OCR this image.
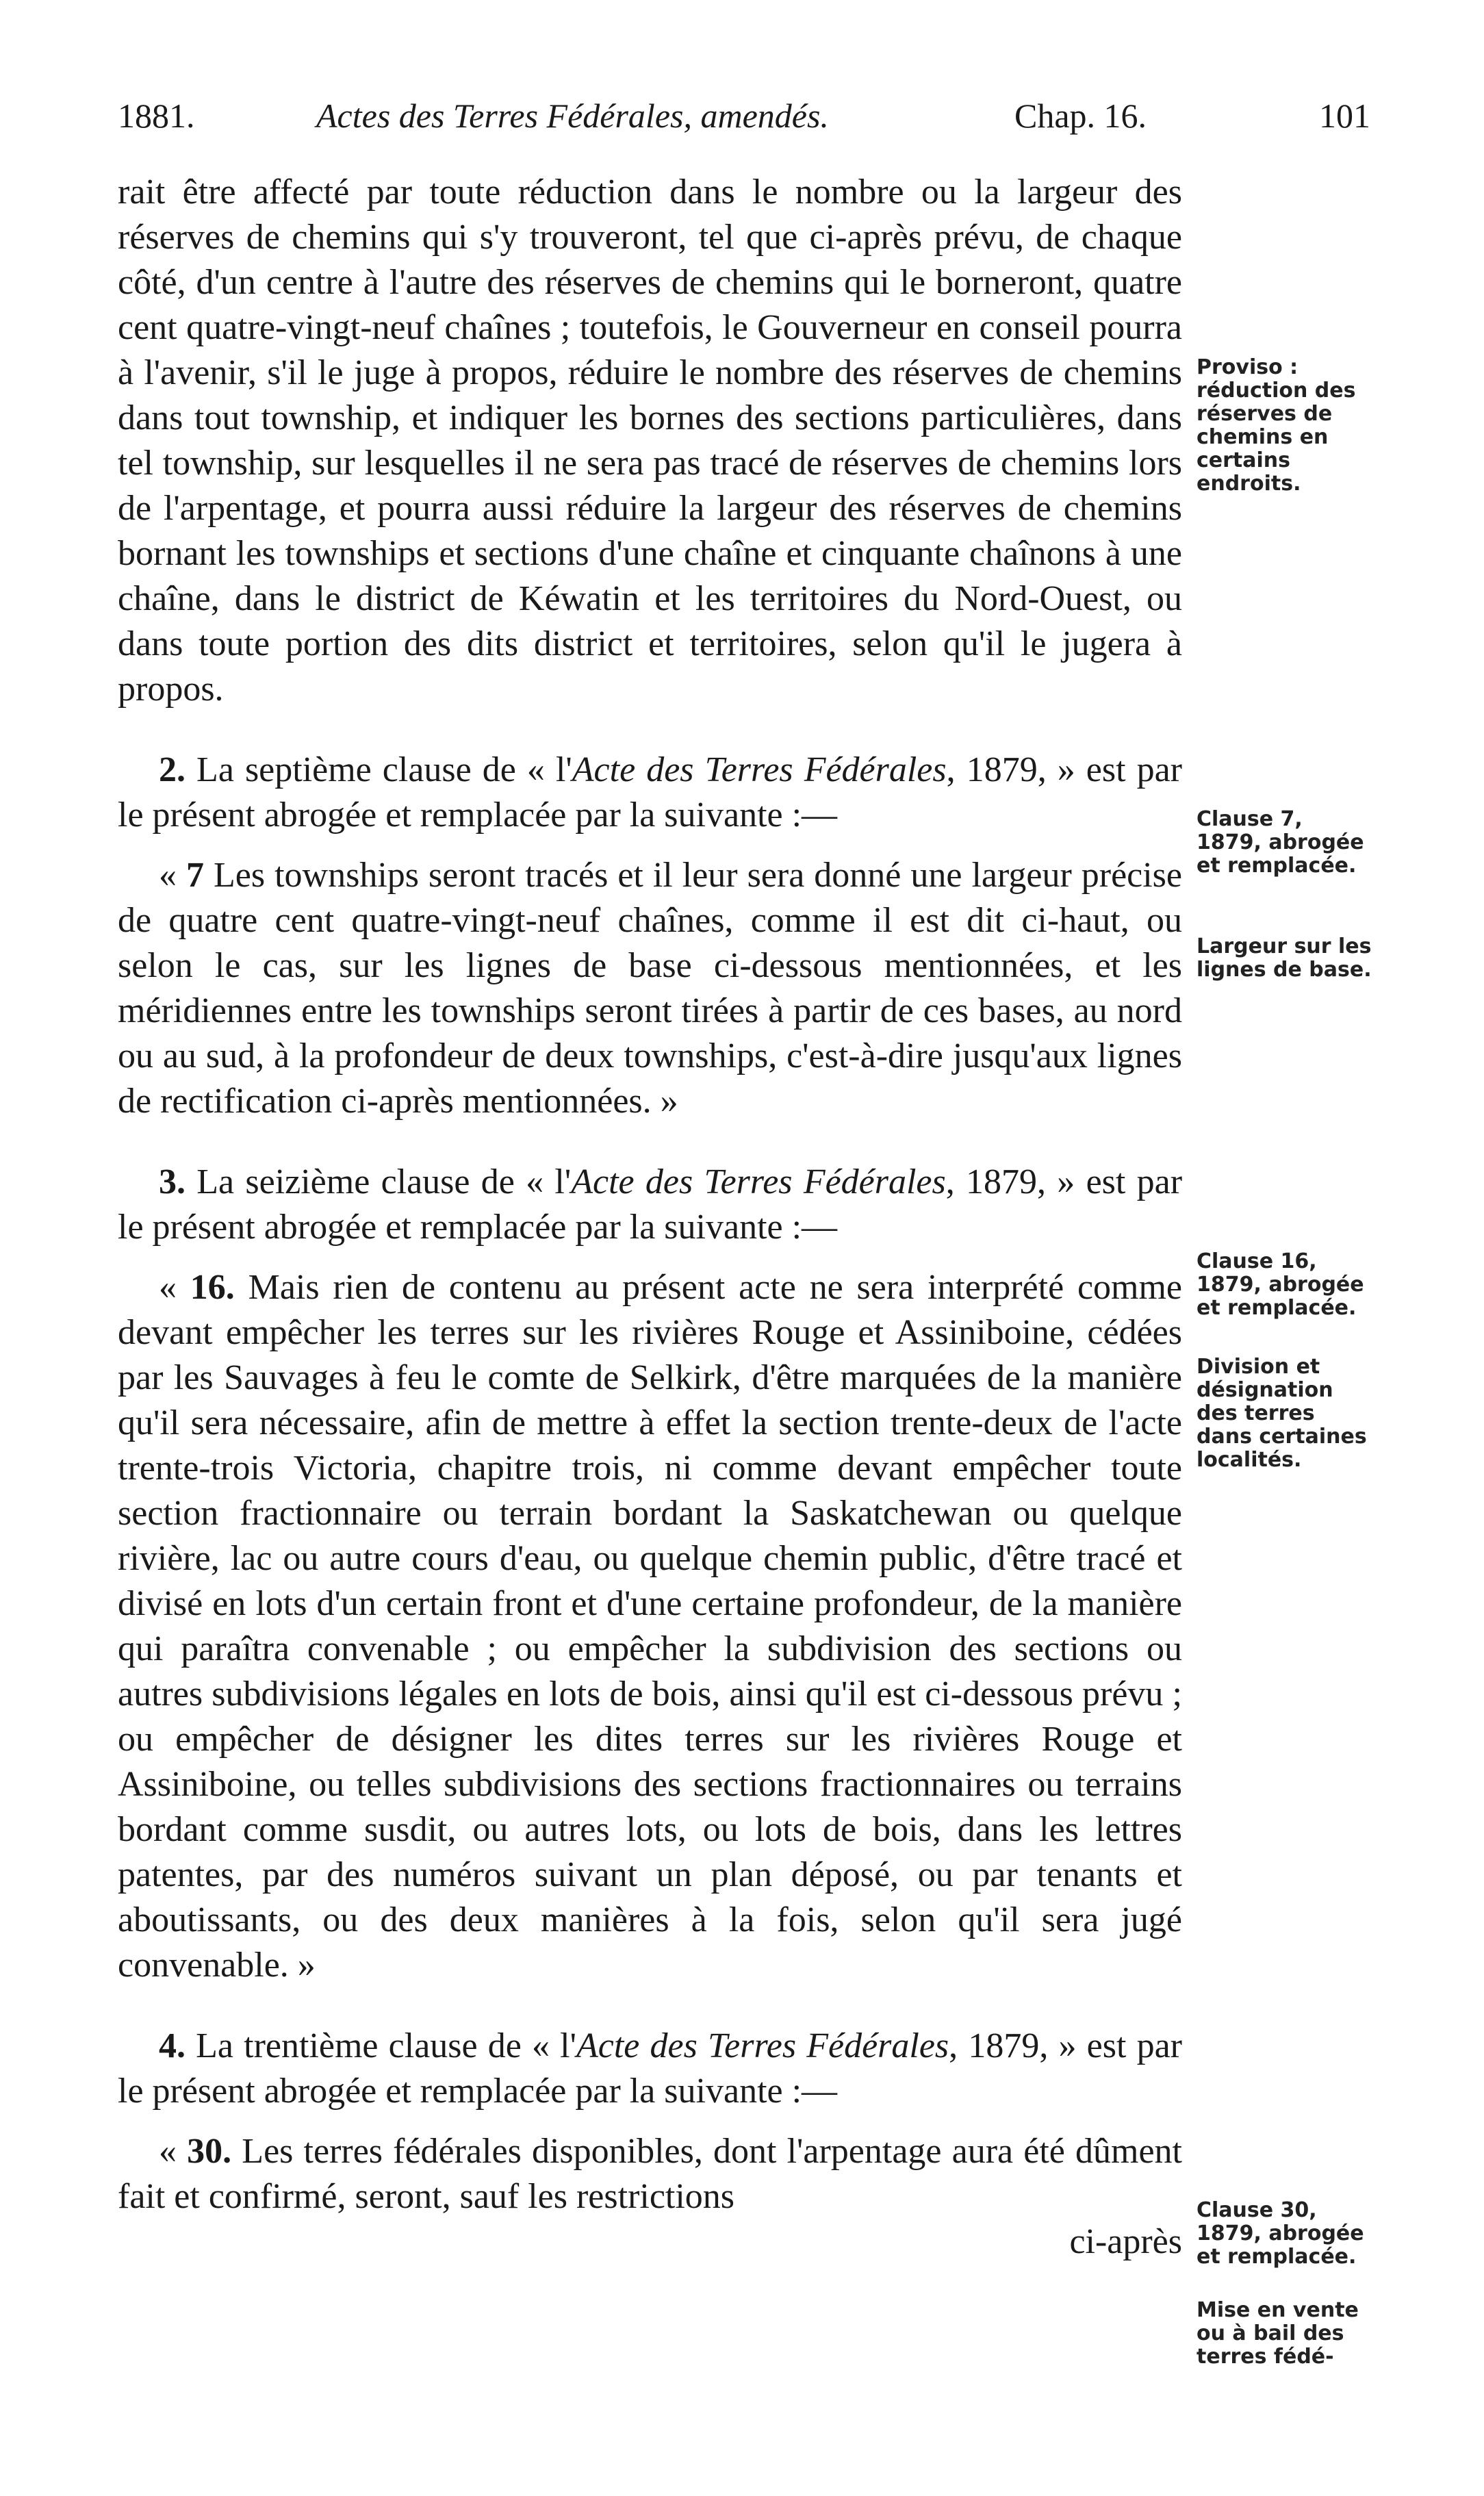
1881.	Actes des Terres Fédérales, amendés.	Chap. 16.	101

rait être affecté par toute réduction dans le nombre ou la largeur des réserves de chemins qui s'y trouveront, tel que ci-après prévu, de chaque côté, d'un centre à l'autre des réserves de chemins qui le borneront, quatre cent quatre-vingt-neuf chaînes ; toutefois, le Gouverneur en conseil pourra à l'avenir, s'il le juge à propos, réduire le nombre des réserves de chemins dans tout township, et indiquer les bornes des sections particulières, dans tel township, sur lesquelles il ne sera pas tracé de réserves de chemins lors de l'arpentage, et pourra aussi réduire la largeur des réserves de chemins bornant les townships et sections d'une chaîne et cinquante chaînons à une chaîne, dans le district de Kéwatin et les territoires du Nord-Ouest, ou dans toute portion des dits district et territoires, selon qu'il le jugera à propos.

2. La septième clause de « l'Acte des Terres Fédérales, 1879, » est par le présent abrogée et remplacée par la suivante :—

« 7 Les townships seront tracés et il leur sera donné une largeur précise de quatre cent quatre-vingt-neuf chaînes, comme il est dit ci-haut, ou selon le cas, sur les lignes de base ci-dessous mentionnées, et les méridiennes entre les townships seront tirées à partir de ces bases, au nord ou au sud, à la profondeur de deux townships, c'est-à-dire jusqu'aux lignes de rectification ci-après mentionnées. »

3. La seizième clause de « l'Acte des Terres Fédérales, 1879, » est par le présent abrogée et remplacée par la suivante :—

« 16. Mais rien de contenu au présent acte ne sera interprété comme devant empêcher les terres sur les rivières Rouge et Assiniboine, cédées par les Sauvages à feu le comte de Selkirk, d'être marquées de la manière qu'il sera nécessaire, afin de mettre à effet la section trente-deux de l'acte trente-trois Victoria, chapitre trois, ni comme devant empêcher toute section fractionnaire ou terrain bordant la Saskatchewan ou quelque rivière, lac ou autre cours d'eau, ou quelque chemin public, d'être tracé et divisé en lots d'un certain front et d'une certaine profondeur, de la manière qui paraîtra convenable ; ou empêcher la subdivision des sections ou autres subdivisions légales en lots de bois, ainsi qu'il est ci-dessous prévu ; ou empêcher de désigner les dites terres sur les rivières Rouge et Assiniboine, ou telles subdivisions des sections fractionnaires ou terrains bordant comme susdit, ou autres lots, ou lots de bois, dans les lettres patentes, par des numéros suivant un plan déposé, ou par tenants et aboutissants, ou des deux manières à la fois, selon qu'il sera jugé convenable. »

4. La trentième clause de « l'Acte des Terres Fédérales, 1879, » est par le présent abrogée et remplacée par la suivante :—

« 30. Les terres fédérales disponibles, dont l'arpentage aura été dûment fait et confirmé, seront, sauf les restrictions

ci-après

Proviso : réduction des réserves de chemins en certains endroits.
Clause 7, 1879, abrogée et remplacée.
Largeur sur les lignes de base.
Clause 16, 1879, abrogée et remplacée.
Division et désignation des terres dans certaines localités.
Clause 30, 1879, abrogée et remplacée.
Mise en vente ou à bail des terres fédé-
